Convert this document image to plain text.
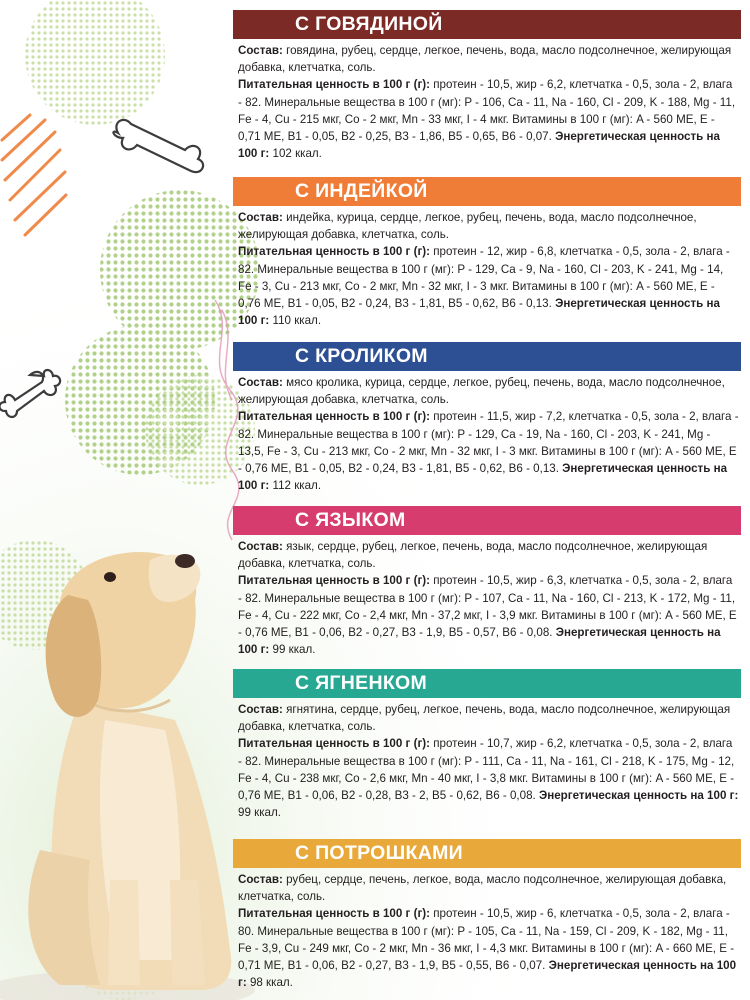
С ГОВЯДИНОЙ

Состав: говядина, рубец, сердце, легкое, печень, вода, масло подсолнечное, желирующая добавка, клетчатка, соль.

Питательная ценность в 100 г (г): протеин - 10,5, жир - 6,2, клетчатка - 0,5, зола - 2, влага - 82. Минеральные вещества в 100 г (мг): P - 106, Ca - 11, Na - 160, Cl - 209, K - 188, Mg - 11, Fe - 4, Cu - 215 мкг, Co - 2 мкг, Mn - 33 мкг, I - 4 мкг. Витамины в 100 г (мг): A - 560 МЕ, E - 0,71 МЕ, B1 - 0,05, B2 - 0,25, B3 - 1,86, B5 - 0,65, B6 - 0,07. Энергетическая ценность на 100 г: 102 ккал.

С ИНДЕЙКОЙ

Состав: индейка, курица, сердце, легкое, рубец, печень, вода, масло подсолнечное, желирующая добавка, клетчатка, соль.

Питательная ценность в 100 г (г): протеин - 12, жир - 6,8, клетчатка - 0,5, зола - 2, влага - 82. Минеральные вещества в 100 г (мг): P - 129, Ca - 9, Na - 160, Cl - 203, K - 241, Mg - 14, Fe - 3, Cu - 213 мкг, Co - 2 мкг, Mn - 32 мкг, I - 3 мкг. Витамины в 100 г (мг): A - 560 МЕ, E - 0,76 МЕ, B1 - 0,05, B2 - 0,24, B3 - 1,81, B5 - 0,62, B6 - 0,13. Энергетическая ценность на 100 г: 110 ккал.

С КРОЛИКОМ

Состав: мясо кролика, курица, сердце, легкое, рубец, печень, вода, масло подсолнечное, желирующая добавка, клетчатка, соль.

Питательная ценность в 100 г (г): протеин - 11,5, жир - 7,2, клетчатка - 0,5, зола - 2, влага - 82. Минеральные вещества в 100 г (мг): P - 129, Ca - 19, Na - 160, Cl - 203, K - 241, Mg - 13,5, Fe - 3, Cu - 213 мкг, Co - 2 мкг, Mn - 32 мкг, I - 3 мкг. Витамины в 100 г (мг): A - 560 МЕ, E - 0,76 МЕ, B1 - 0,05, B2 - 0,24, B3 - 1,81, B5 - 0,62, B6 - 0,13. Энергетическая ценность на 100 г: 112 ккал.

С ЯЗЫКОМ

Состав: язык, сердце, рубец, легкое, печень, вода, масло подсолнечное, желирующая добавка, клетчатка, соль.

Питательная ценность в 100 г (г): протеин - 10,5, жир - 6,3, клетчатка - 0,5, зола - 2, влага - 82. Минеральные вещества в 100 г (мг): P - 107, Ca - 11, Na - 160, Cl - 213, K - 172, Mg - 11, Fe - 4, Cu - 222 мкг, Co - 2,4 мкг, Mn - 37,2 мкг, I - 3,9 мкг. Витамины в 100 г (мг): A - 560 МЕ, E - 0,76 МЕ, B1 - 0,06, B2 - 0,27, B3 - 1,9, B5 - 0,57, B6 - 0,08. Энергетическая ценность на 100 г: 99 ккал.

С ЯГНЕНКОМ

Состав: ягнятина, сердце, рубец, легкое, печень, вода, масло подсолнечное, желирующая добавка, клетчатка, соль.

Питательная ценность в 100 г (г): протеин - 10,7, жир - 6,2, клетчатка - 0,5, зола - 2, влага - 82. Минеральные вещества в 100 г (мг): P - 111, Ca - 11, Na - 161, Cl - 218, K - 175, Mg - 12, Fe - 4, Cu - 238 мкг, Co - 2,6 мкг, Mn - 40 мкг, I - 3,8 мкг. Витамины в 100 г (мг): A - 560 МЕ, E - 0,76 МЕ, B1 - 0,06, B2 - 0,28, B3 - 2, B5 - 0,62, B6 - 0,08. Энергетическая ценность на 100 г: 99 ккал.

С ПОТРОШКАМИ

Состав: рубец, сердце, печень, легкое, вода, масло подсолнечное, желирующая добавка, клетчатка, соль.

Питательная ценность в 100 г (г): протеин - 10,5, жир - 6, клетчатка - 0,5, зола - 2, влага - 80. Минеральные вещества в 100 г (мг): P - 105, Ca - 11, Na - 159, Cl - 209, K - 182, Mg - 11, Fe - 3,9, Cu - 249 мкг, Co - 2 мкг, Mn - 36 мкг, I - 4,3 мкг. Витамины в 100 г (мг): A - 660 МЕ, E - 0,71 МЕ, B1 - 0,06, B2 - 0,27, B3 - 1,9, B5 - 0,55, B6 - 0,07. Энергетическая ценность на 100 г: 98 ккал.
